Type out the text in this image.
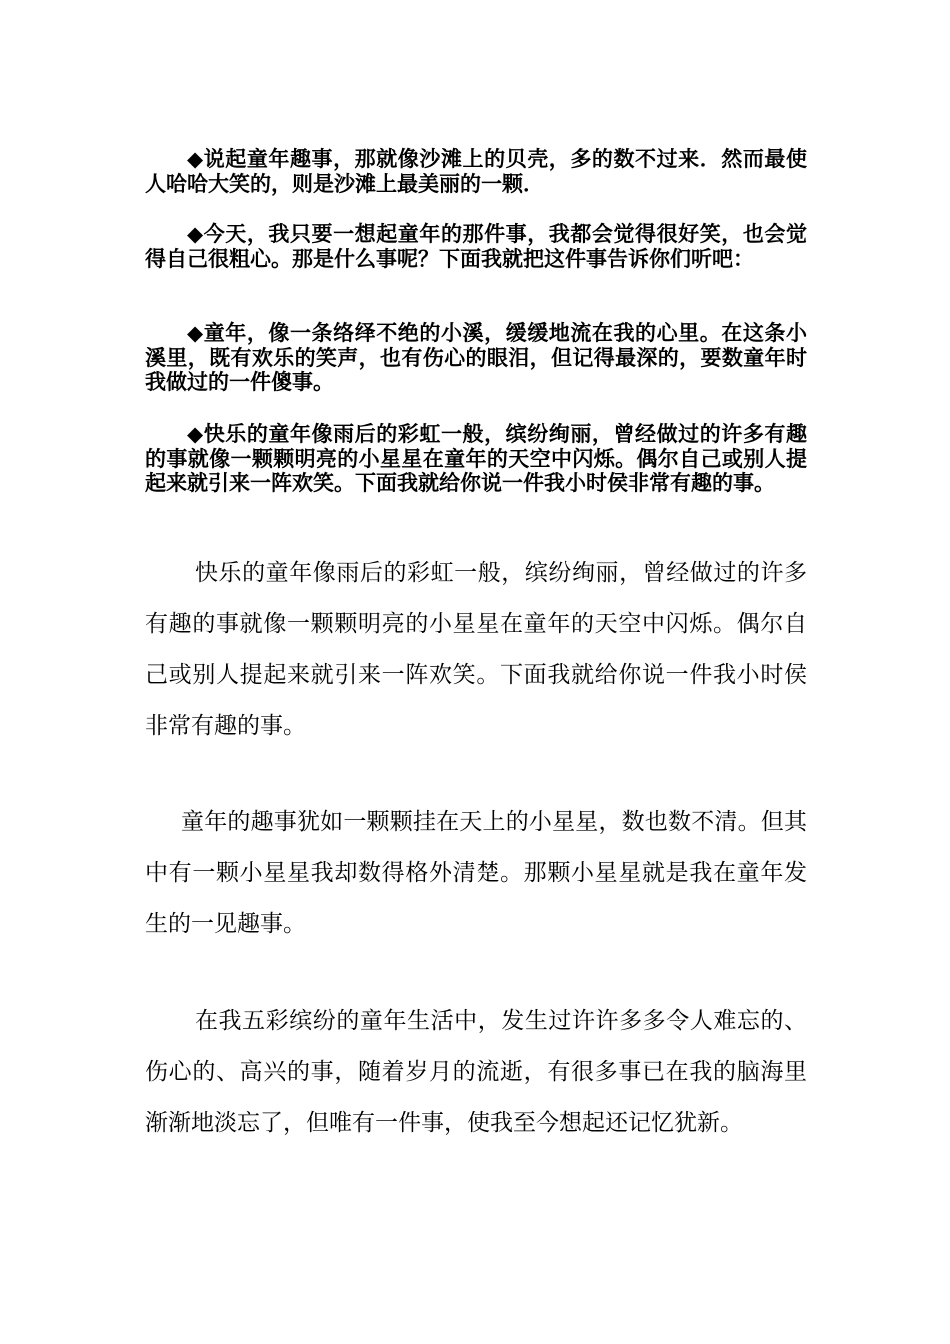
◆说起童年趣事，那就像沙滩上的贝壳，多的数不过来．然而最使人哈哈大笑的，则是沙滩上最美丽的一颗．

◆今天，我只要一想起童年的那件事，我都会觉得很好笑，也会觉得自己很粗心。那是什么事呢？下面我就把这件事告诉你们听吧：

◆童年，像一条络绎不绝的小溪，缓缓地流在我的心里。在这条小溪里，既有欢乐的笑声，也有伤心的眼泪，但记得最深的，要数童年时我做过的一件傻事。

◆快乐的童年像雨后的彩虹一般，缤纷绚丽，曾经做过的许多有趣的事就像一颗颗明亮的小星星在童年的天空中闪烁。偶尔自己或别人提起来就引来一阵欢笑。下面我就给你说一件我小时侯非常有趣的事。

快乐的童年像雨后的彩虹一般，缤纷绚丽，曾经做过的许多有趣的事就像一颗颗明亮的小星星在童年的天空中闪烁。偶尔自己或别人提起来就引来一阵欢笑。下面我就给你说一件我小时侯非常有趣的事。

童年的趣事犹如一颗颗挂在天上的小星星，数也数不清。但其中有一颗小星星我却数得格外清楚。那颗小星星就是我在童年发生的一见趣事。

在我五彩缤纷的童年生活中，发生过许许多多令人难忘的、伤心的、高兴的事，随着岁月的流逝，有很多事已在我的脑海里渐渐地淡忘了，但唯有一件事，使我至今想起还记忆犹新。
